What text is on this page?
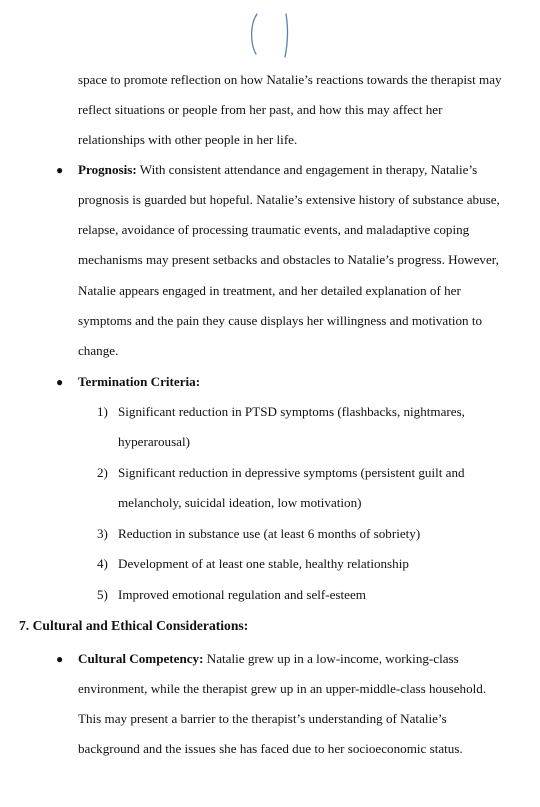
space to promote reflection on how Natalie’s reactions towards the therapist may
reflect situations or people from her past, and how this may affect her
relationships with other people in her life.
● Prognosis: With consistent attendance and engagement in therapy, Natalie’s
prognosis is guarded but hopeful. Natalie’s extensive history of substance abuse,
relapse, avoidance of processing traumatic events, and maladaptive coping
mechanisms may present setbacks and obstacles to Natalie’s progress. However,
Natalie appears engaged in treatment, and her detailed explanation of her
symptoms and the pain they cause displays her willingness and motivation to
change.
● Termination Criteria:
1) Significant reduction in PTSD symptoms (flashbacks, nightmares,
hyperarousal)
2) Significant reduction in depressive symptoms (persistent guilt and
melancholy, suicidal ideation, low motivation)
3) Reduction in substance use (at least 6 months of sobriety)
4) Development of at least one stable, healthy relationship
5) Improved emotional regulation and self-esteem
7. Cultural and Ethical Considerations:
● Cultural Competency: Natalie grew up in a low-income, working-class
environment, while the therapist grew up in an upper-middle-class household.
This may present a barrier to the therapist’s understanding of Natalie’s
background and the issues she has faced due to her socioeconomic status.
